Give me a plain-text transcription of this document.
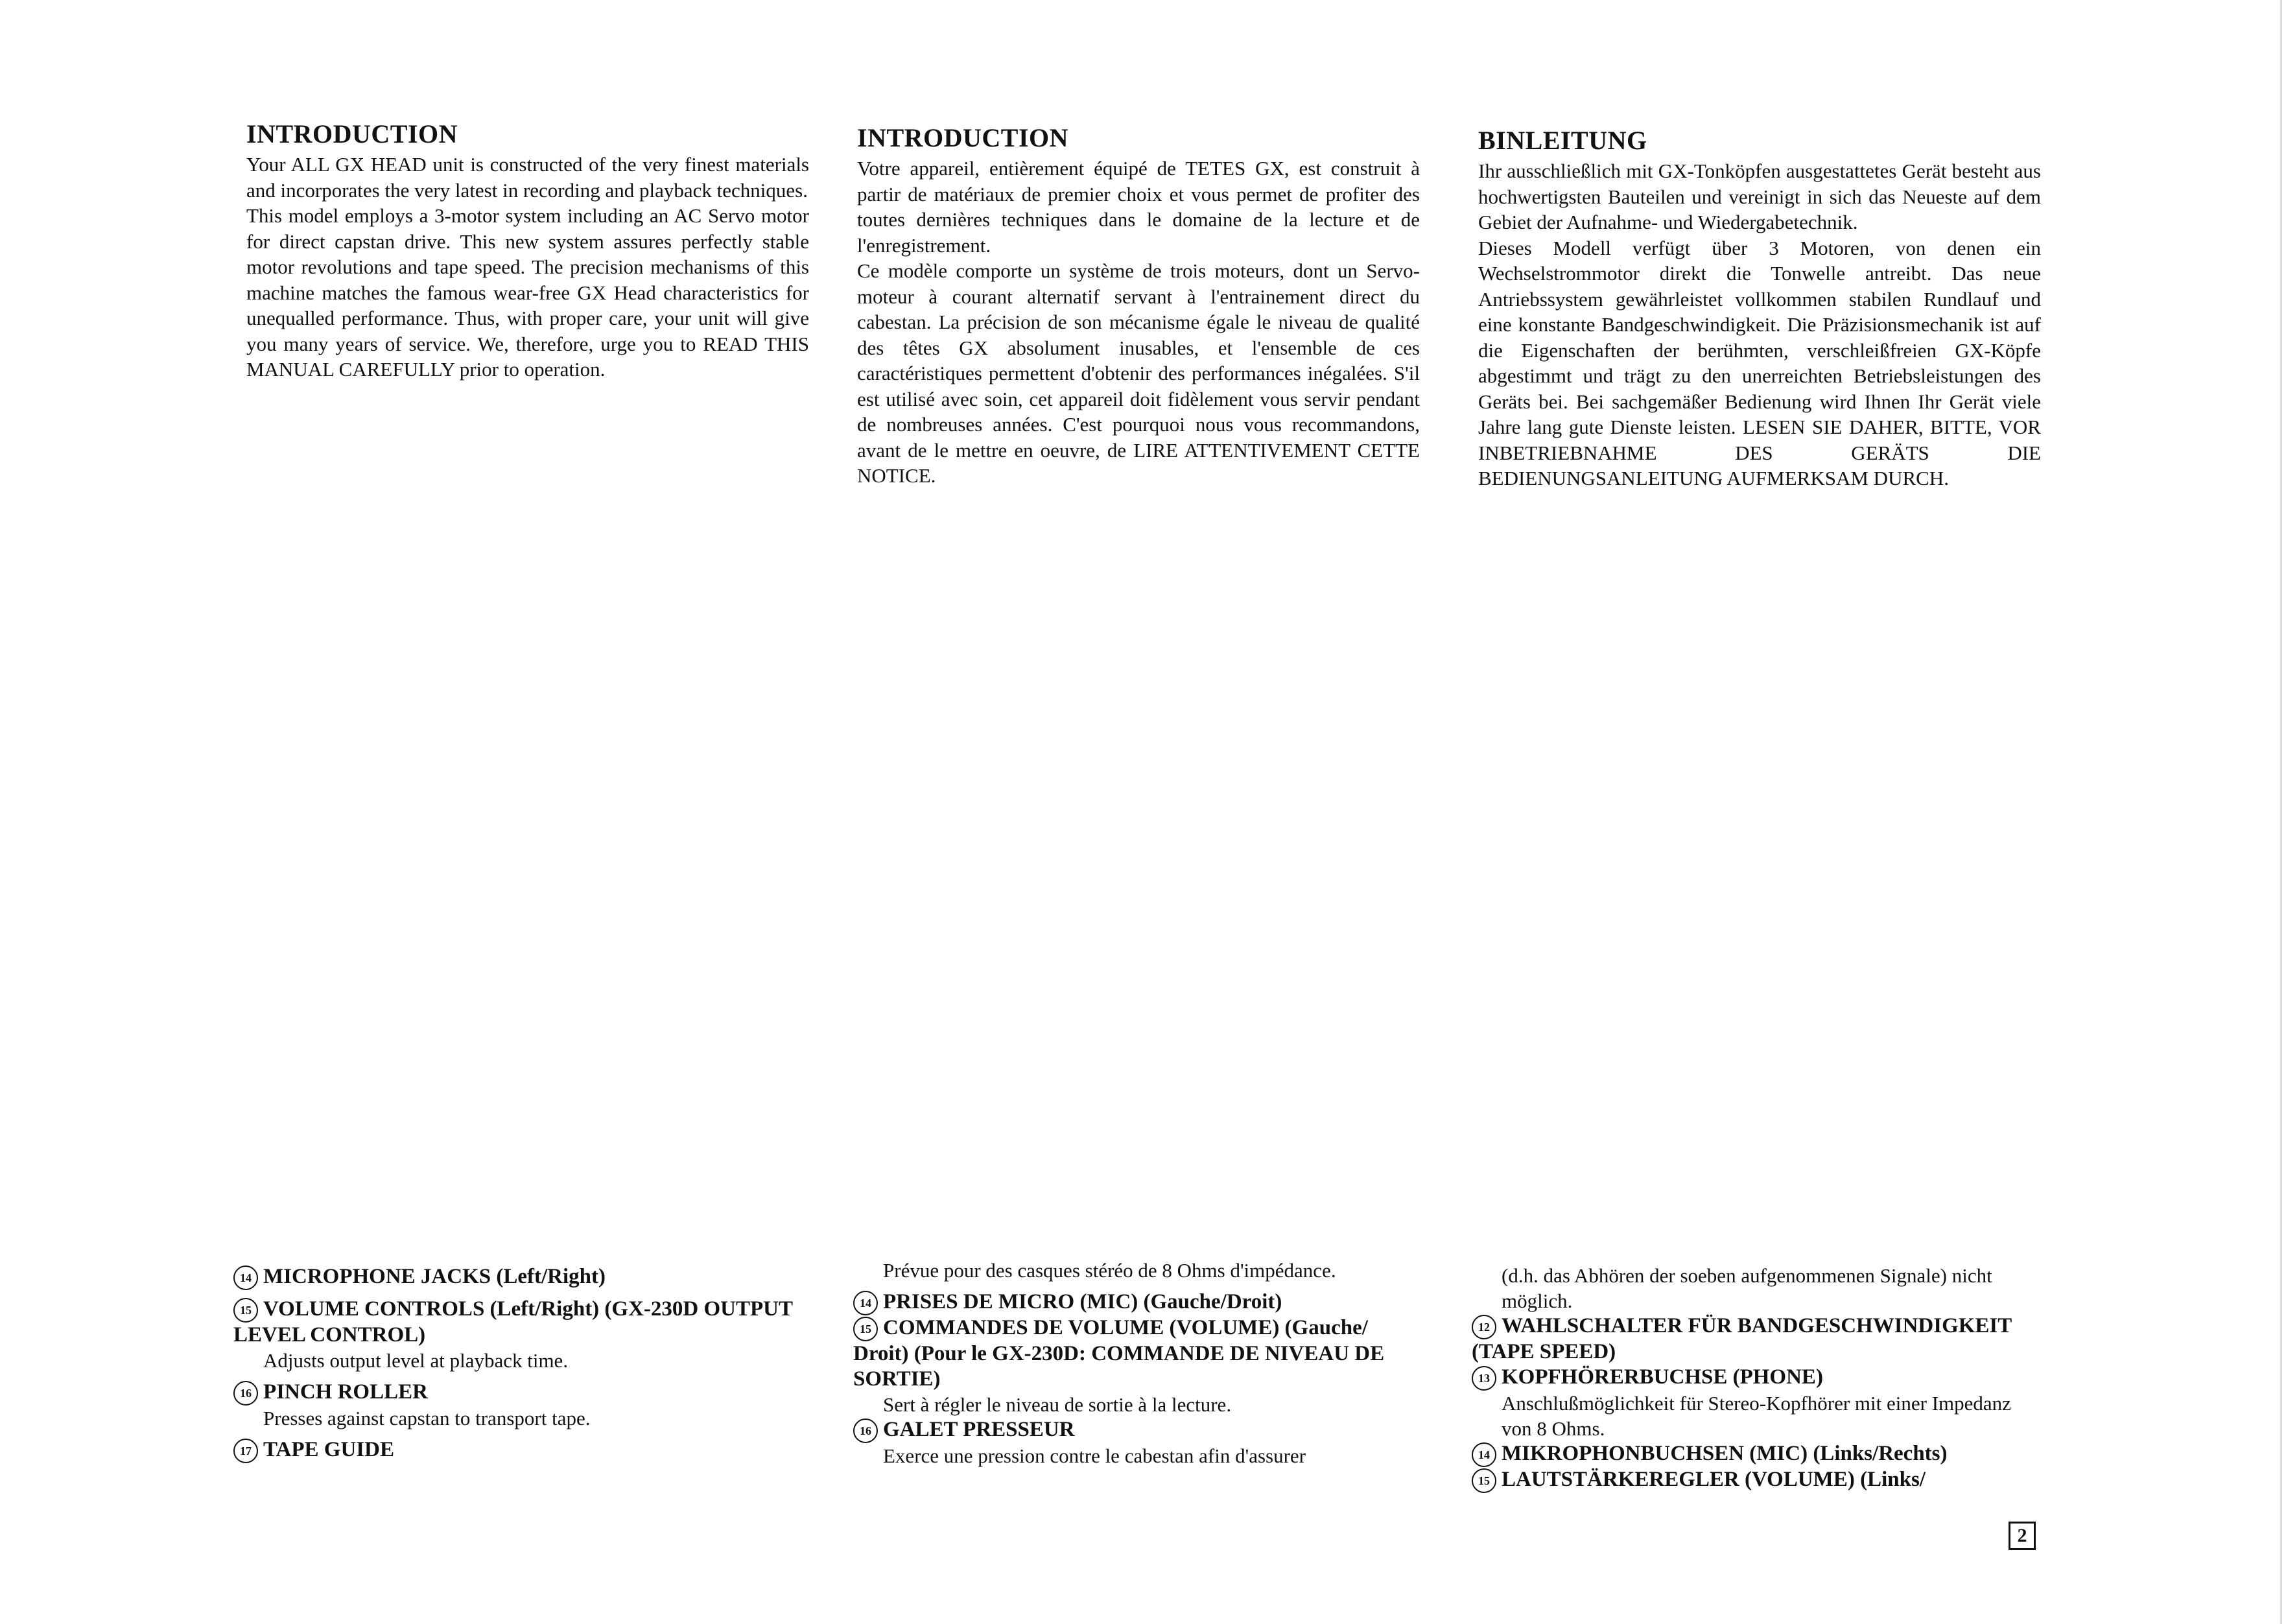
INTRODUCTION

Your ALL GX HEAD unit is constructed of the very finest materials and incorporates the very latest in recording and playback techniques.

This model employs a 3-motor system including an AC Servo motor for direct capstan drive. This new system assures perfectly stable motor revolutions and tape speed. The precision mechanisms of this machine matches the famous wear-free GX Head characteristics for unequalled performance. Thus, with proper care, your unit will give you many years of service. We, therefore, urge you to READ THIS MANUAL CAREFULLY prior to operation.

INTRODUCTION

Votre appareil, entièrement équipé de TETES GX, est construit à partir de matériaux de premier choix et vous permet de profiter des toutes dernières techniques dans le domaine de la lecture et de l'enregistrement.

Ce modèle comporte un système de trois moteurs, dont un Servo-moteur à courant alternatif servant à l'entrainement direct du cabestan. La précision de son mécanisme égale le niveau de qualité des têtes GX absolument inusables, et l'ensemble de ces caractéristiques permettent d'obtenir des performances inégalées. S'il est utilisé avec soin, cet appareil doit fidèlement vous servir pendant de nombreuses années. C'est pourquoi nous vous recommandons, avant de le mettre en oeuvre, de LIRE ATTENTIVEMENT CETTE NOTICE.

BINLEITUNG

Ihr ausschließlich mit GX-Tonköpfen ausgestattetes Gerät besteht aus hochwertigsten Bauteilen und vereinigt in sich das Neueste auf dem Gebiet der Aufnahme- und Wiedergabetechnik.

Dieses Modell verfügt über 3 Motoren, von denen ein Wechselstrommotor direkt die Tonwelle antreibt. Das neue Antriebssystem gewährleistet vollkommen stabilen Rundlauf und eine konstante Bandgeschwindigkeit. Die Präzisionsmechanik ist auf die Eigenschaften der berühmten, verschleißfreien GX-Köpfe abgestimmt und trägt zu den unerreichten Betriebsleistungen des Geräts bei. Bei sachgemäßer Bedienung wird Ihnen Ihr Gerät viele Jahre lang gute Dienste leisten. LESEN SIE DAHER, BITTE, VOR INBETRIEBNAHME DES GERÄTS DIE BEDIENUNGSANLEITUNG AUFMERKSAM DURCH.

14 MICROPHONE JACKS (Left/Right)
15 VOLUME CONTROLS (Left/Right) (GX-230D OUTPUT LEVEL CONTROL)
Adjusts output level at playback time.
16 PINCH ROLLER
Presses against capstan to transport tape.
17 TAPE GUIDE
Prévue pour des casques stéréo de 8 Ohms d'impédance.
14 PRISES DE MICRO (MIC) (Gauche/Droit)
15 COMMANDES DE VOLUME (VOLUME) (Gauche/ Droit) (Pour le GX-230D: COMMANDE DE NIVEAU DE SORTIE)
Sert à régler le niveau de sortie à la lecture.
16 GALET PRESSEUR
Exerce une pression contre le cabestan afin d'assurer
(d.h. das Abhören der soeben aufgenommenen Signale) nicht möglich.
12 WAHLSCHALTER FÜR BANDGESCHWINDIGKEIT (TAPE SPEED)
13 KOPFHÖRERBUCHSE (PHONE)
Anschlußmöglichkeit für Stereo-Kopfhörer mit einer Impedanz von 8 Ohms.
14 MIKROPHONBUCHSEN (MIC) (Links/Rechts)
15 LAUTSTÄRKEREGLER (VOLUME) (Links/
2
